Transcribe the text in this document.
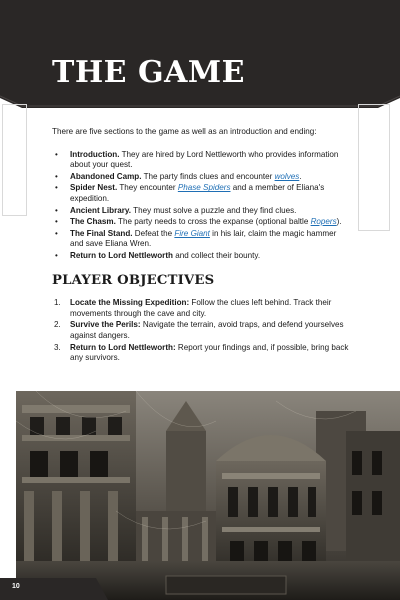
THE GAME

There are five sections to the game as well as an introduction and ending:

• Introduction. They are hired by Lord Nettleworth who provides information about your quest.
• Abandoned Camp. The party finds clues and encounter wolves.
• Spider Nest. They encounter Phase Spiders and a member of Eliana's expedition.
• Ancient Library. They must solve a puzzle and they find clues.
• The Chasm. The party needs to cross the expanse (optional baltle Ropers).
• The Final Stand. Defeat the Fire Giant in his lair, claim the magic hammer and save Eliana Wren.
• Return to Lord Nettleworth and collect their bounty.
PLAYER OBJECTIVES
1. Locate the Missing Expedition: Follow the clues left behind. Track their movements through the cave and city.
2. Survive the Perils: Navigate the terrain, avoid traps, and defend yourselves against dangers.
3. Return to Lord Nettleworth: Report your findings and, if possible, bring back any survivors.
10
